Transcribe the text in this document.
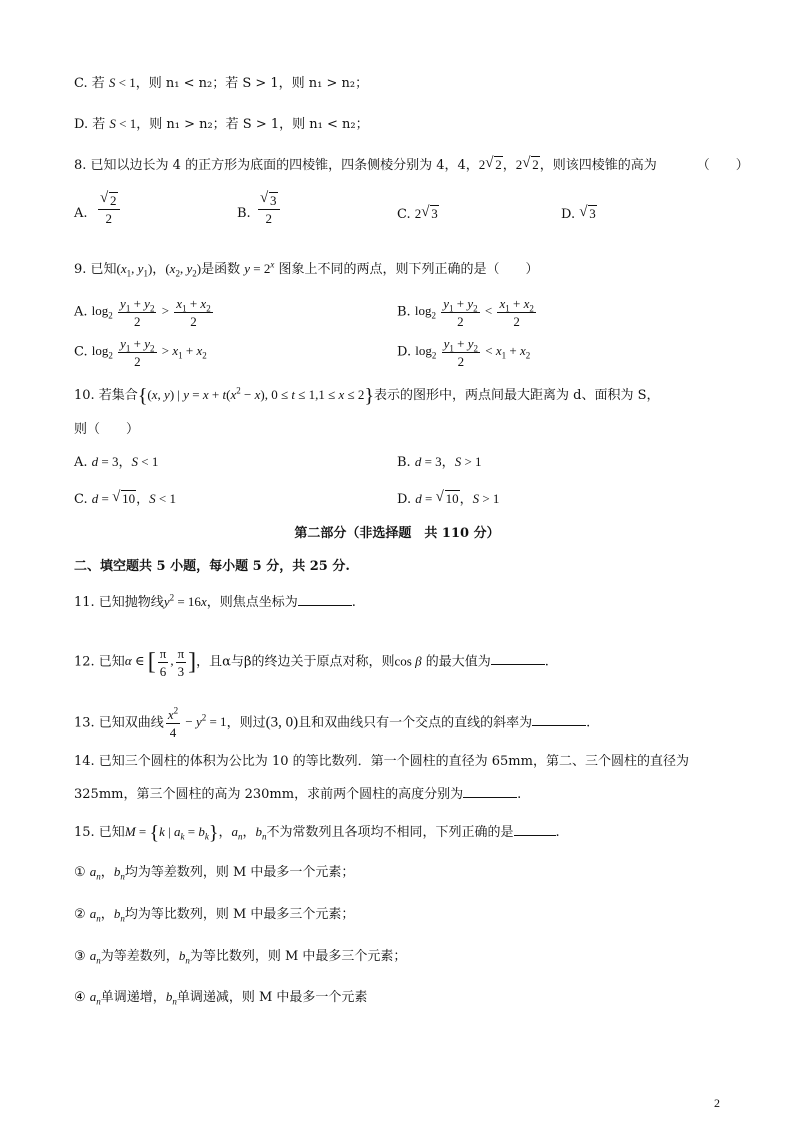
C. 若 S < 1，则 n₁ < n₂；若 S > 1，则 n₁ > n₂；
D. 若 S < 1，则 n₁ > n₂；若 S > 1，则 n₁ < n₂；
8. 已知以边长为 4 的正方形为底面的四棱锥，四条侧棱分别为 4，4，2 √ 2，2 √ 2，则该四棱锥的高为	（　　）
A. √ $\frac{2}{2}$	B. √ $\frac{3}{2}$	C. 2 √ 3	D. √ 3
9. 已知($x_1$, $y_1$)，($x_2$, $y_2$)是函数 $y = 2^x$ 图象上不同的两点，则下列正确的是（　　）
A. $\log_2 \frac{y_1 + y_2}{2} > \frac{x_1 + x_2}{2}$	B. $\log_2 \frac{y_1 + y_2}{2} < \frac{x_1 + x_2}{2}$
C. $\log_2 \frac{y_1 + y_2}{2} > x_1 + x_2$	D. $\log_2 \frac{y_1 + y_2}{2} < x_1 + x_2$
10. 若集合{(x, y) | $y = x + t(x^2 - x)$, 0 ≤ t ≤ 1,1 ≤ x ≤ 2}表示的图形中，两点间最大距离为 d、面积为 S，
则（　　）
A. d = 3，S < 1	B. d = 3，S > 1
C. d = √ 10，S < 1	D. d = √ 10，S > 1
第二部分（非选择题　共 110 分）
二、填空题共 5 小题，每小题 5 分，共 25 分.
11. 已知抛物线$y^2 = 16x$，则焦点坐标为	.
12. 已知α ∈ [ $\frac{\pi}{6}$ , $\frac{\pi}{3}$ ]，且α与β的终边关于原点对称，则cos β 的最大值为	.
13. 已知双曲线 $\frac{x^2}{4} - y^2 = 1$，则过(3, 0)且和双曲线只有一个交点的直线的斜率为	.
14. 已知三个圆柱的体积为公比为 10 的等比数列．第一个圆柱的直径为 65mm，第二、三个圆柱的直径为
325mm，第三个圆柱的高为 230mm，求前两个圆柱的高度分别为	.
15. 已知M = {k | $a_k = b_k$}，$a_n$，$b_n$不为常数列且各项均不相同，下列正确的是	.
① $a_n$，$b_n$均为等差数列，则 M 中最多一个元素；
② $a_n$，$b_n$均为等比数列，则 M 中最多三个元素；
③ $a_n$为等差数列，$b_n$为等比数列，则 M 中最多三个元素；
④ $a_n$单调递增，$b_n$单调递减，则 M 中最多一个元素
2
